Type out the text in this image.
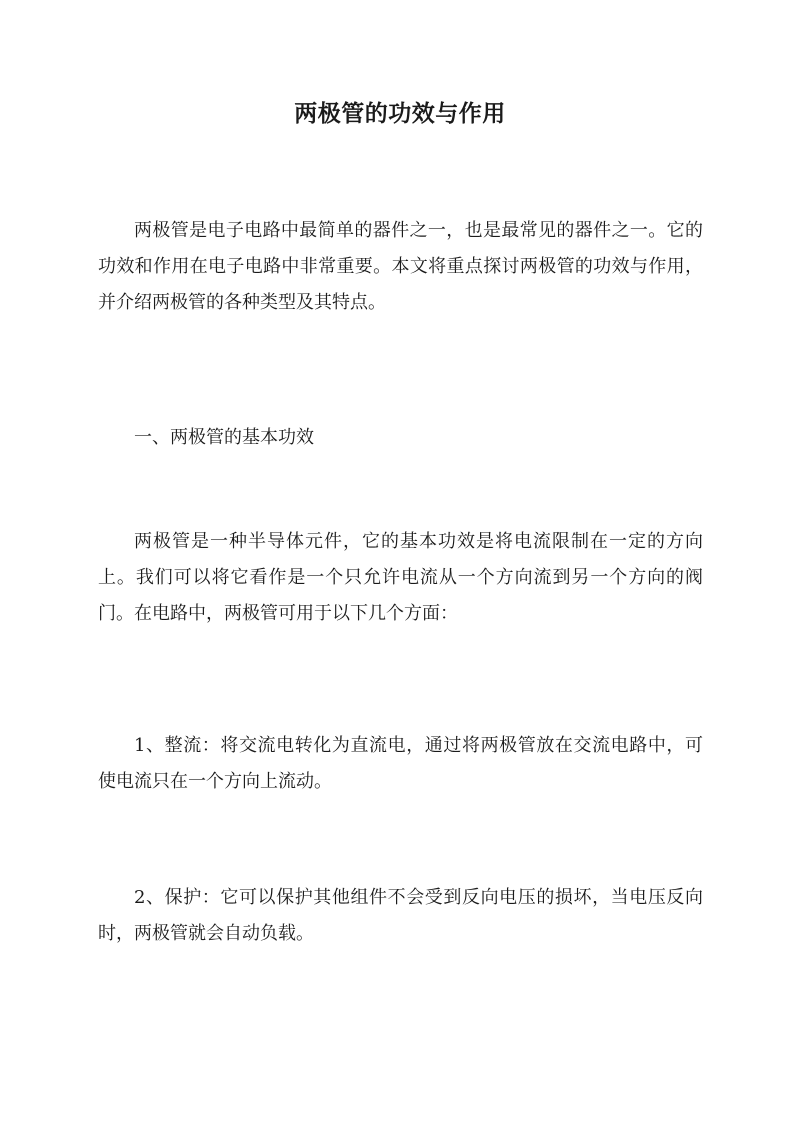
两极管的功效与作用

两极管是电子电路中最简单的器件之一，也是最常见的器件之一。它的功效和作用在电子电路中非常重要。本文将重点探讨两极管的功效与作用，并介绍两极管的各种类型及其特点。

一、两极管的基本功效

两极管是一种半导体元件，它的基本功效是将电流限制在一定的方向上。我们可以将它看作是一个只允许电流从一个方向流到另一个方向的阀门。在电路中，两极管可用于以下几个方面：

1、整流：将交流电转化为直流电，通过将两极管放在交流电路中，可使电流只在一个方向上流动。

2、保护：它可以保护其他组件不会受到反向电压的损坏，当电压反向时，两极管就会自动负载。
